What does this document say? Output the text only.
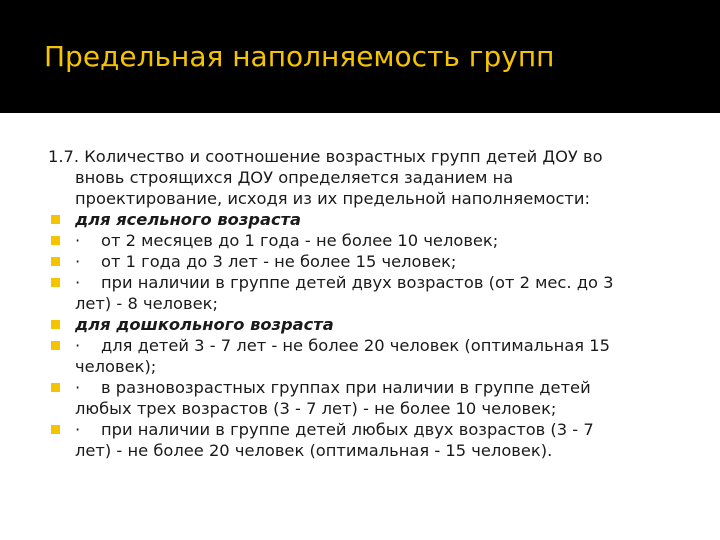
Предельная наполняемость групп
1.7. Количество и соотношение возрастных групп детей ДОУ во
вновь строящихся ДОУ определяется заданием на
проектирование, исходя из их предельной наполняемости:
для ясельного возраста
· от 2 месяцев до 1 года - не более 10 человек;
· от 1 года до 3 лет - не более 15 человек;
· при наличии в группе детей двух возрастов (от 2 мес. до 3
лет) - 8 человек;
для дошкольного возраста
· для детей 3 - 7 лет - не более 20 человек (оптимальная 15
человек);
· в разновозрастных группах при наличии в группе детей
любых трех возрастов (3 - 7 лет) - не более 10 человек;
· при наличии в группе детей любых двух возрастов (3 - 7
лет) - не более 20 человек (оптимальная - 15 человек).
